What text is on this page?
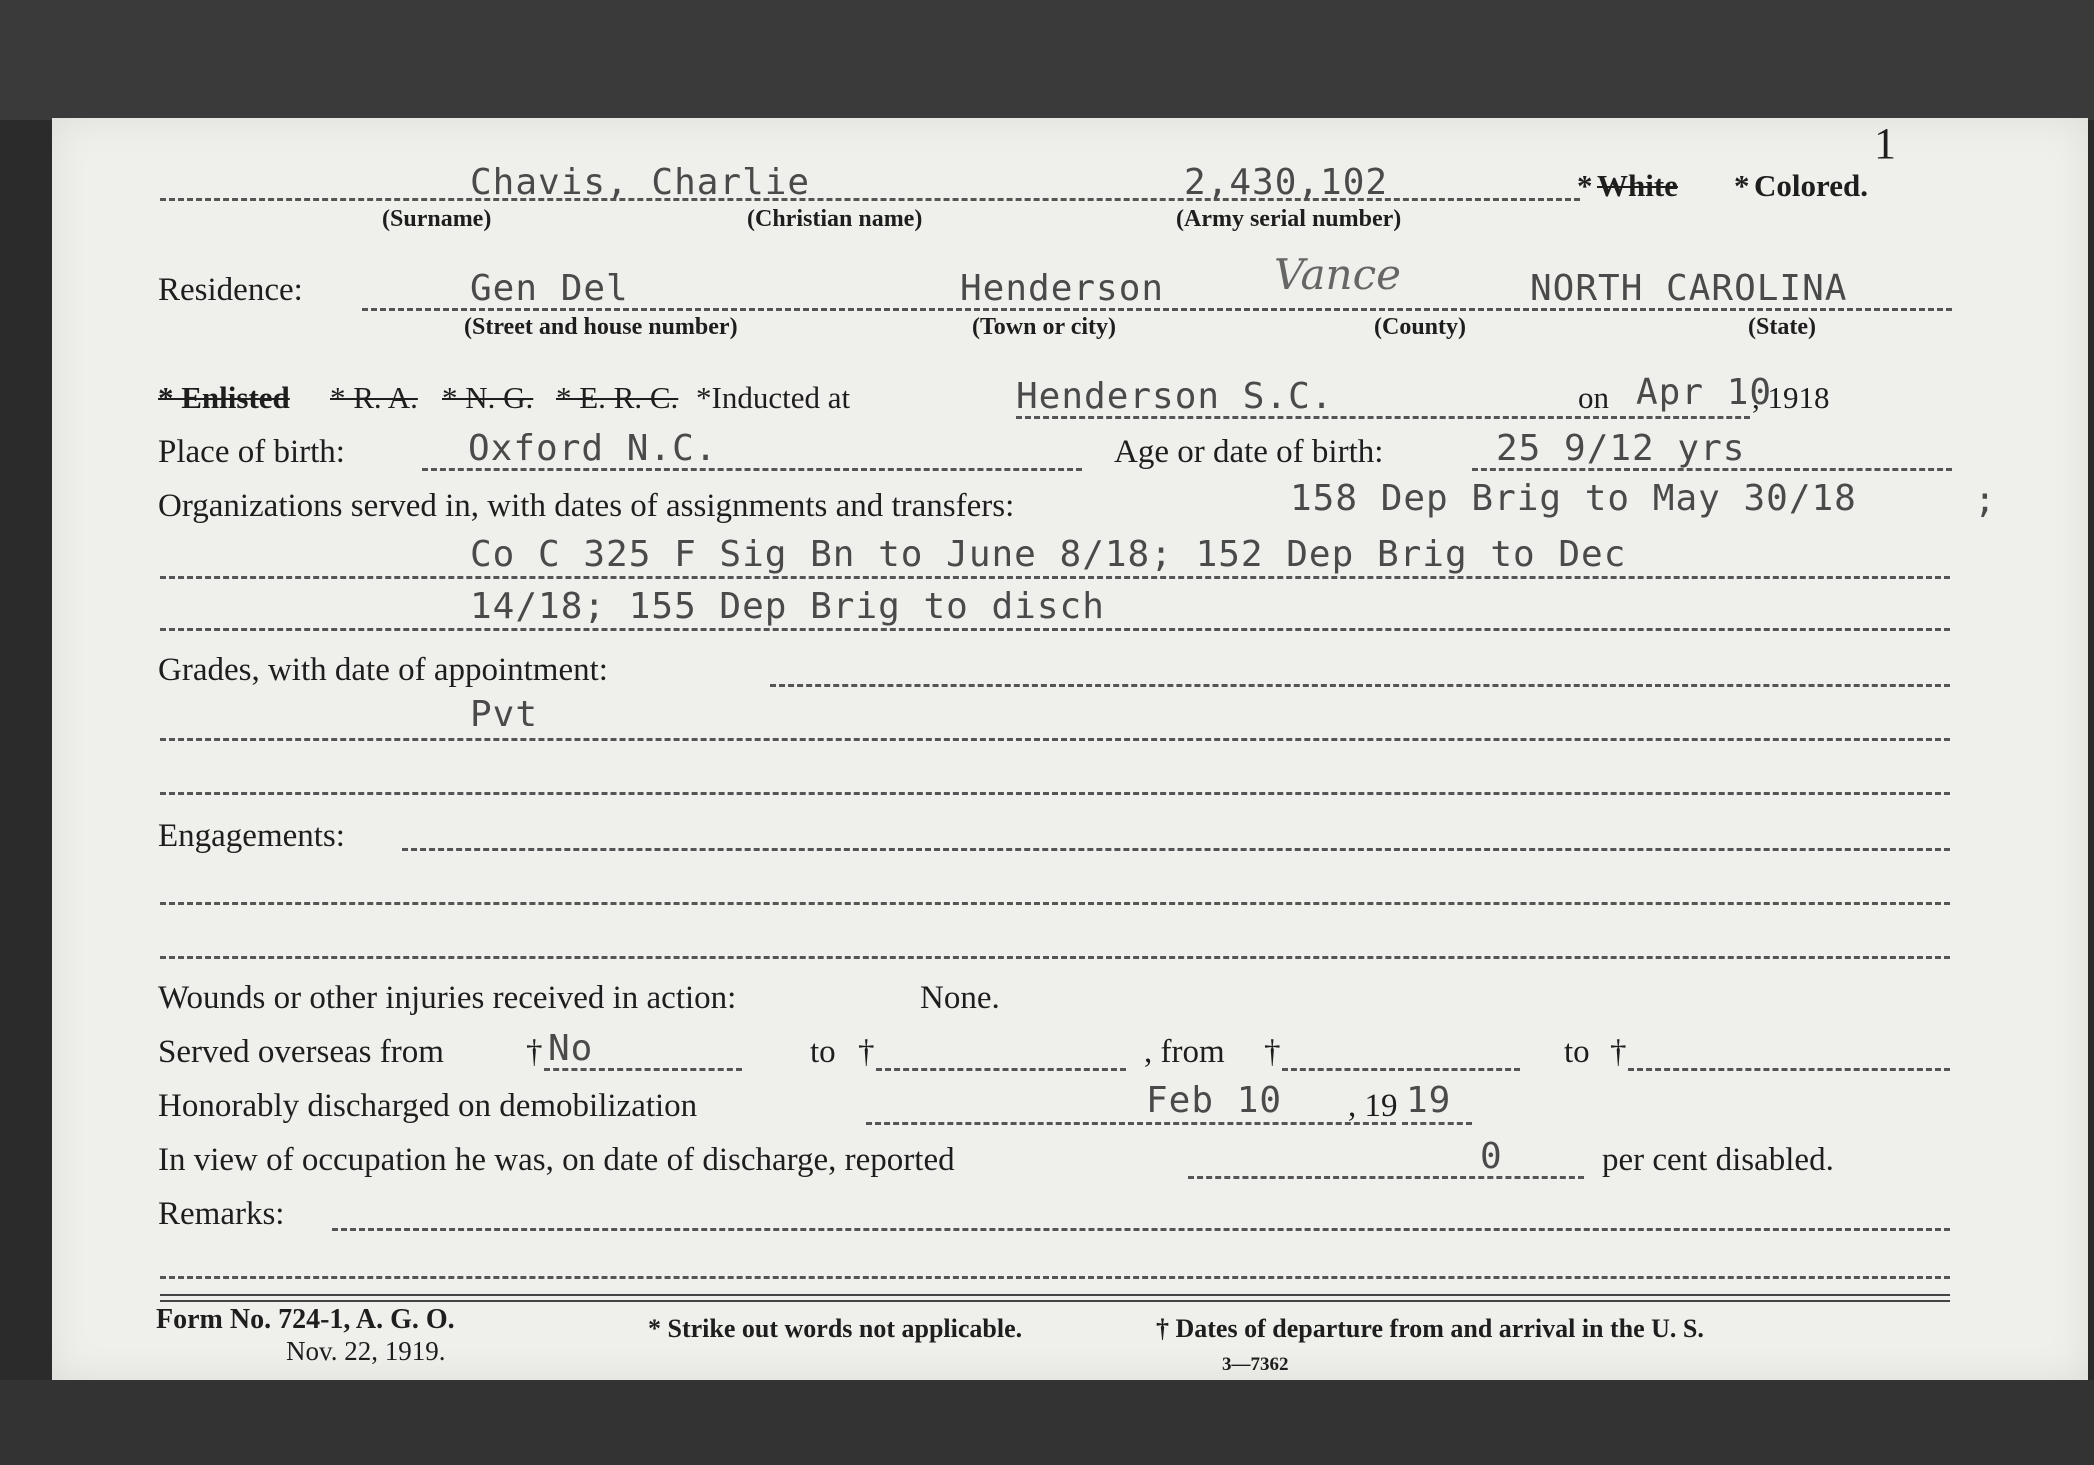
1
Chavis, Charlie	2,430,102	* White * Colored.
(Surname)	(Christian name)	(Army serial number)
Residence:	Gen Del	Henderson	Vance	NORTH CAROLINA
(Street and house number)	(Town or city)	(County)	(State)
* Enlisted * R. A. * N. G. * E. R. C. *Inducted at	Henderson S.C.	on Apr 10
, 1918
Place of birth:	Oxford N.C.	Age or date of birth:	25 9/12 yrs
Organizations served in, with dates of assignments and transfers:	158 Dep Brig to May 30/18	;
Co C 325 F Sig Bn to June 8/18; 152 Dep Brig to Dec
14/18; 155 Dep Brig to disch
Grades, with date of appointment:
Pvt
Engagements:
Wounds or other injuries received in action:	None.
Served overseas from † No	to †	, from †	to †
Honorably discharged on demobilization	Feb 10 , 19 19
In view of occupation he was, on date of discharge, reported	0	per cent disabled.
Remarks:
Form No. 724-1, A. G. O.
Nov. 22, 1919.
* Strike out words not applicable.	† Dates of departure from and arrival in the U. S.
3—7362
